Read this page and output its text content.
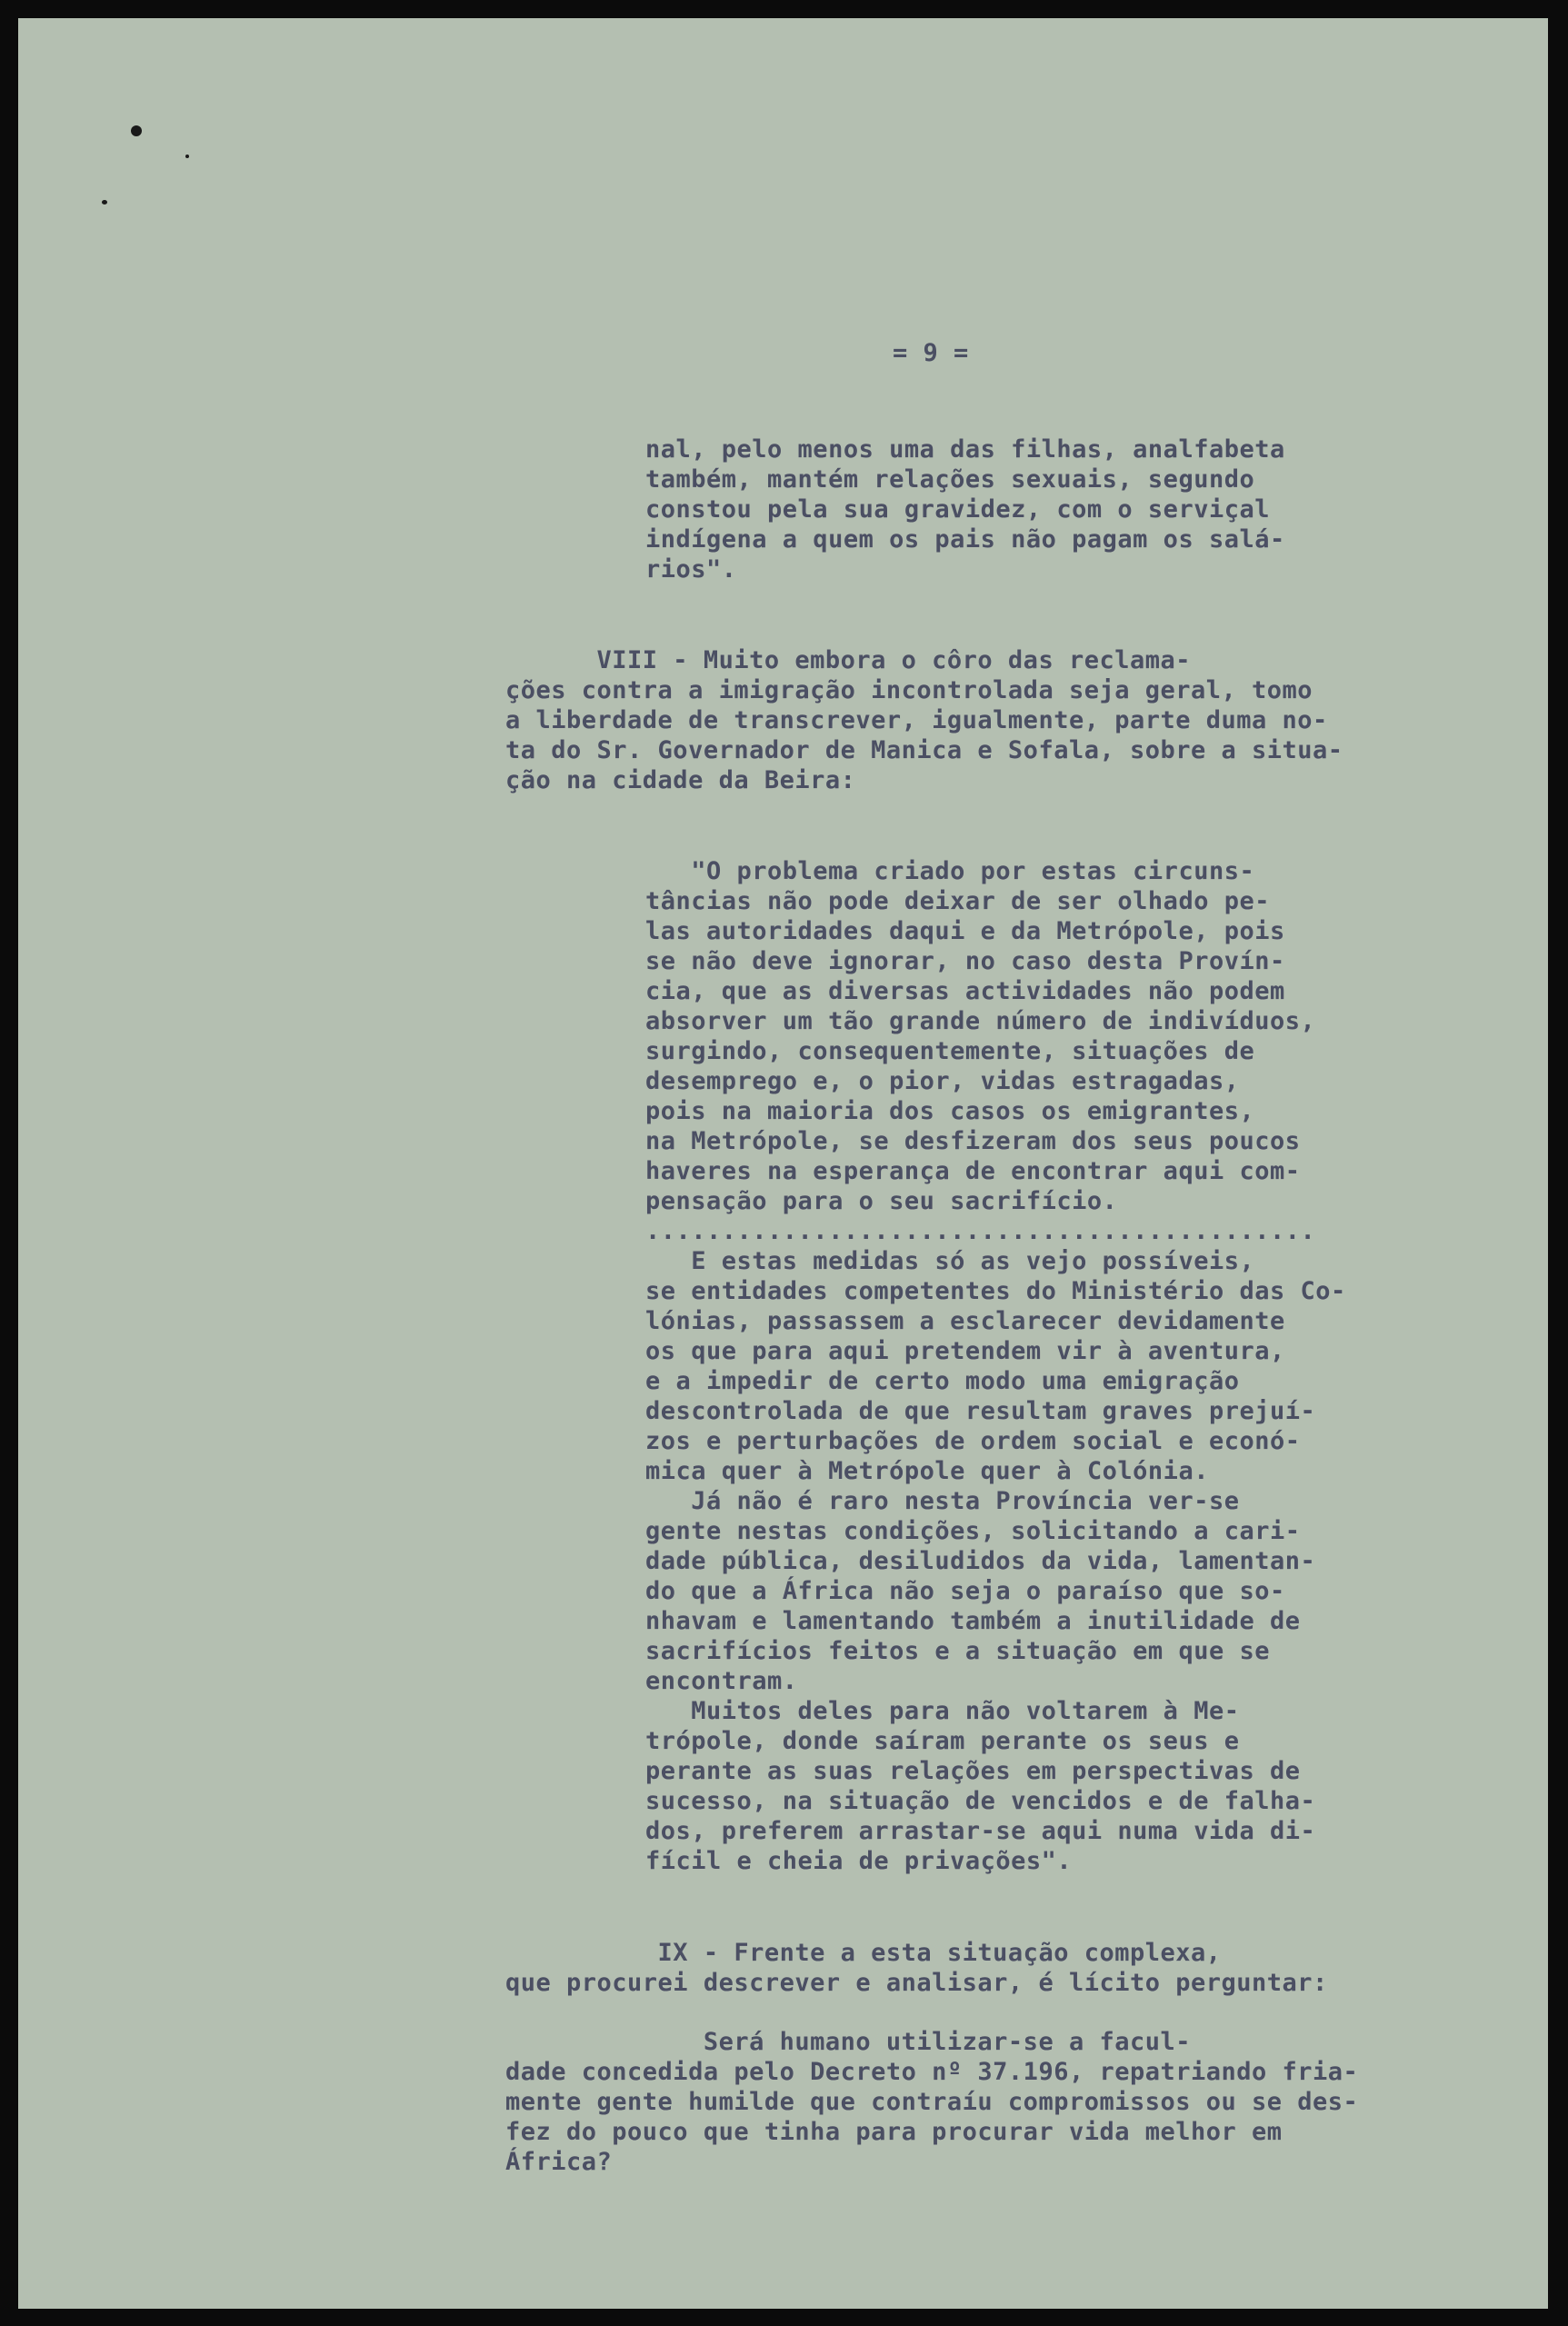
= 9 =
nal, pelo menos uma das filhas, analfabeta
também, mantém relações sexuais, segundo
constou pela sua gravidez, com o serviçal
indígena a quem os pais não pagam os salá-
rios".
VIII - Muito embora o côro das reclama-
ções contra a imigração incontrolada seja geral, tomo
a liberdade de transcrever, igualmente, parte duma no-
ta do Sr. Governador de Manica e Sofala, sobre a situa-
ção na cidade da Beira:
"O problema criado por estas circuns-
tâncias não pode deixar de ser olhado pe-
las autoridades daqui e da Metrópole, pois
se não deve ignorar, no caso desta Provín-
cia, que as diversas actividades não podem
absorver um tão grande número de indivíduos,
surgindo, consequentemente, situações de
desemprego e, o pior, vidas estragadas,
pois na maioria dos casos os emigrantes,
na Metrópole, se desfizeram dos seus poucos
haveres na esperança de encontrar aqui com-
pensação para o seu sacrifício.
............................................
E estas medidas só as vejo possíveis,
se entidades competentes do Ministério das Co-
lónias, passassem a esclarecer devidamente
os que para aqui pretendem vir à aventura,
e a impedir de certo modo uma emigração
descontrolada de que resultam graves prejuí-
zos e perturbações de ordem social e econó-
mica quer à Metrópole quer à Colónia.
Já não é raro nesta Província ver-se
gente nestas condições, solicitando a cari-
dade pública, desiludidos da vida, lamentan-
do que a África não seja o paraíso que so-
nhavam e lamentando também a inutilidade de
sacrifícios feitos e a situação em que se
encontram.
Muitos deles para não voltarem à Me-
trópole, donde saíram perante os seus e
perante as suas relações em perspectivas de
sucesso, na situação de vencidos e de falha-
dos, preferem arrastar-se aqui numa vida di-
fícil e cheia de privações".
IX - Frente a esta situação complexa,
que procurei descrever e analisar, é lícito perguntar:
Será humano utilizar-se a facul-
dade concedida pelo Decreto nº 37.196, repatriando fria-
mente gente humilde que contraíu compromissos ou se des-
fez do pouco que tinha para procurar vida melhor em
África?
